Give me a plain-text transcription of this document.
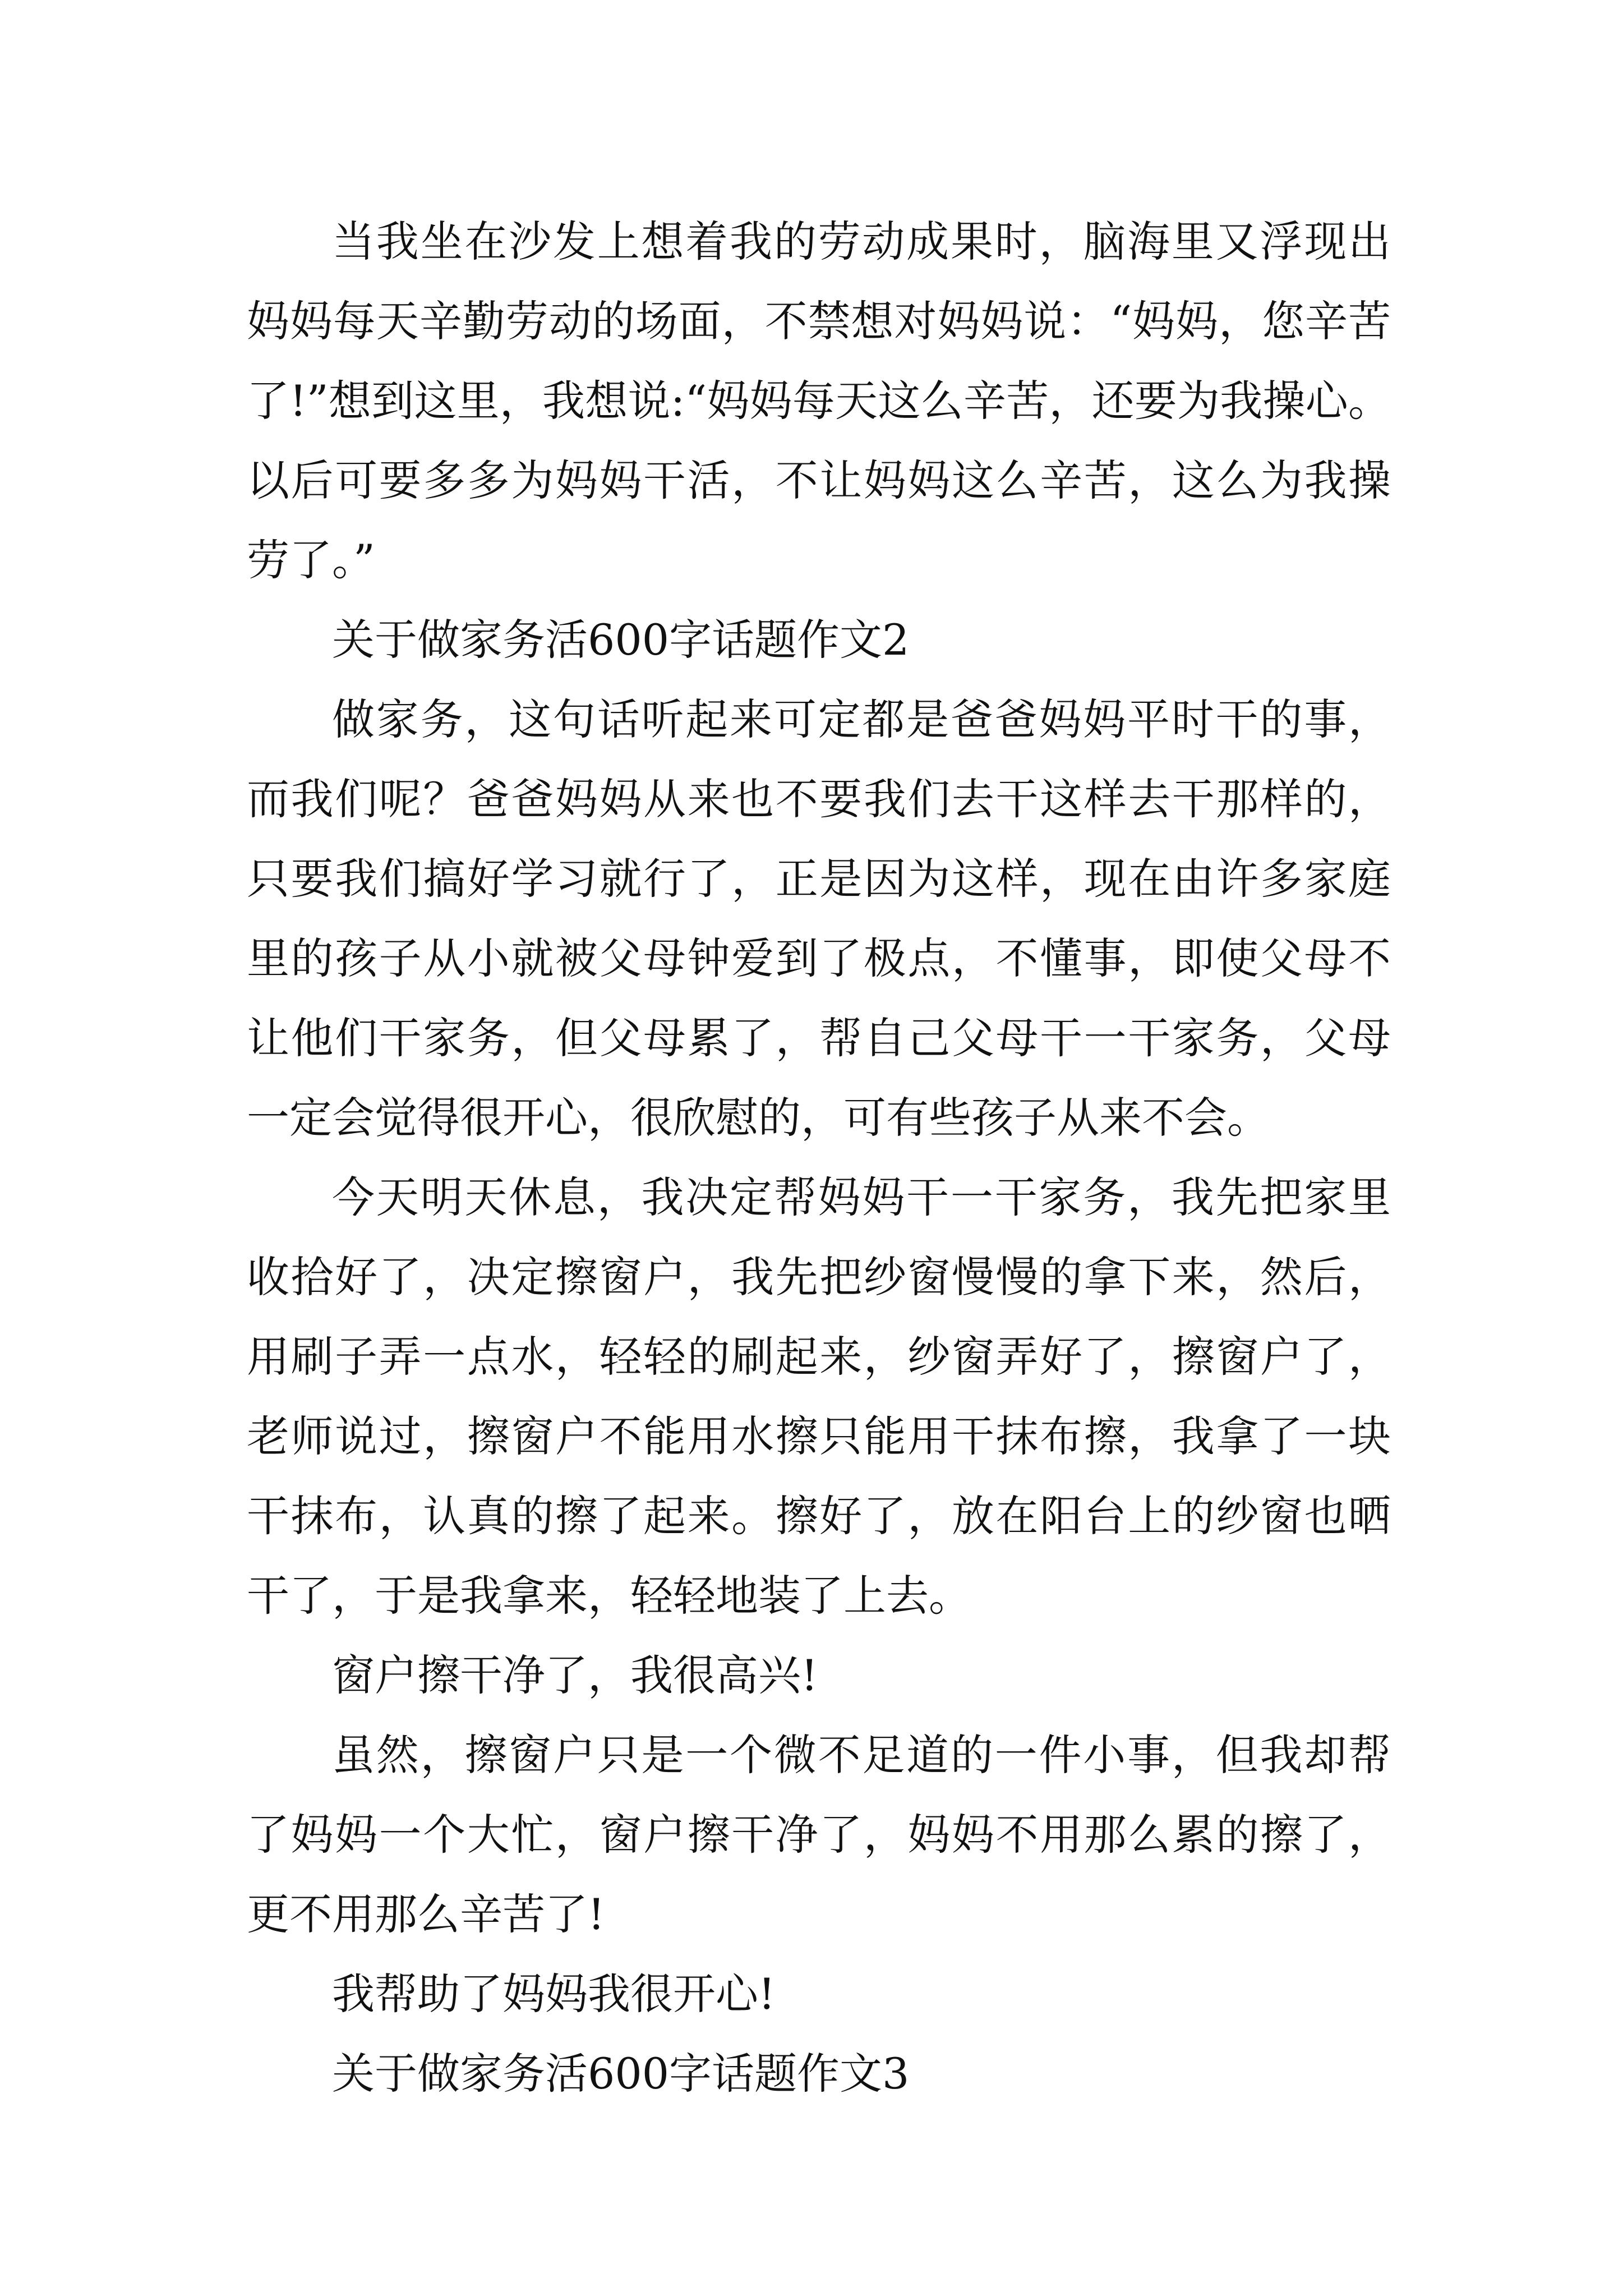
当我坐在沙发上想着我的劳动成果时，脑海里又浮现出妈妈每天辛勤劳动的场面，不禁想对妈妈说：“妈妈，您辛苦了!”想到这里，我想说:“妈妈每天这么辛苦，还要为我操心。以后可要多多为妈妈干活，不让妈妈这么辛苦，这么为我操劳了。”

关于做家务活600字话题作文2

做家务，这句话听起来可定都是爸爸妈妈平时干的事，而我们呢？爸爸妈妈从来也不要我们去干这样去干那样的，只要我们搞好学习就行了，正是因为这样，现在由许多家庭里的孩子从小就被父母钟爱到了极点，不懂事，即使父母不让他们干家务，但父母累了，帮自己父母干一干家务，父母一定会觉得很开心，很欣慰的，可有些孩子从来不会。

今天明天休息，我决定帮妈妈干一干家务，我先把家里收拾好了，决定擦窗户，我先把纱窗慢慢的拿下来，然后，用刷子弄一点水，轻轻的刷起来，纱窗弄好了，擦窗户了，老师说过，擦窗户不能用水擦只能用干抹布擦，我拿了一块干抹布，认真的擦了起来。擦好了，放在阳台上的纱窗也晒干了，于是我拿来，轻轻地装了上去。

窗户擦干净了，我很高兴!

虽然，擦窗户只是一个微不足道的一件小事，但我却帮了妈妈一个大忙，窗户擦干净了，妈妈不用那么累的擦了，更不用那么辛苦了!

我帮助了妈妈我很开心!

关于做家务活600字话题作文3
